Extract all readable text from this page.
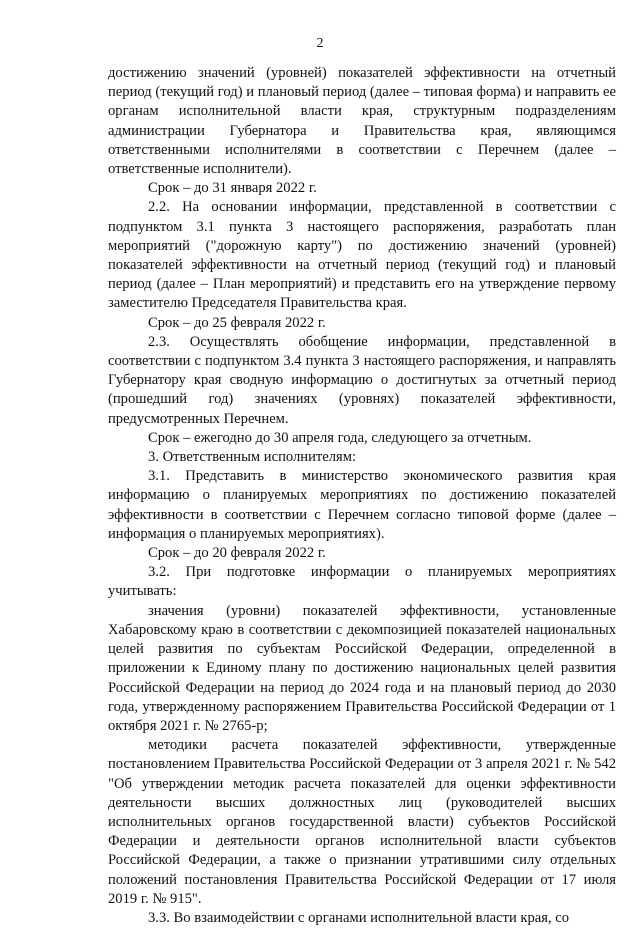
2

достижению значений (уровней) показателей эффективности на отчетный период (текущий год) и плановый период (далее – типовая форма) и направить ее органам исполнительной власти края, структурным подразделениям администрации Губернатора и Правительства края, являющимся ответственными исполнителями в соответствии с Перечнем (далее – ответственные исполнители).

Срок – до 31 января 2022 г.

2.2. На основании информации, представленной в соответствии с подпунктом 3.1 пункта 3 настоящего распоряжения, разработать план мероприятий ("дорожную карту") по достижению значений (уровней) показателей эффективности на отчетный период (текущий год) и плановый период (далее – План мероприятий) и представить его на утверждение первому заместителю Председателя Правительства края.

Срок – до 25 февраля 2022 г.

2.3. Осуществлять обобщение информации, представленной в соответствии с подпунктом 3.4 пункта 3 настоящего распоряжения, и направлять Губернатору края сводную информацию о достигнутых за отчетный период (прошедший год) значениях (уровнях) показателей эффективности, предусмотренных Перечнем.

Срок – ежегодно до 30 апреля года, следующего за отчетным.

3. Ответственным исполнителям:

3.1. Представить в министерство экономического развития края информацию о планируемых мероприятиях по достижению показателей эффективности в соответствии с Перечнем согласно типовой форме (далее – информация о планируемых мероприятиях).

Срок – до 20 февраля 2022 г.

3.2. При подготовке информации о планируемых мероприятиях учитывать:

значения (уровни) показателей эффективности, установленные Хабаровскому краю в соответствии с декомпозицией показателей национальных целей развития по субъектам Российской Федерации, определенной в приложении к Единому плану по достижению национальных целей развития Российской Федерации на период до 2024 года и на плановый период до 2030 года, утвержденному распоряжением Правительства Российской Федерации от 1 октября 2021 г. № 2765-р;

методики расчета показателей эффективности, утвержденные постановлением Правительства Российской Федерации от 3 апреля 2021 г. № 542 "Об утверждении методик расчета показателей для оценки эффективности деятельности высших должностных лиц (руководителей высших исполнительных органов государственной власти) субъектов Российской Федерации и деятельности органов исполнительной власти субъектов Российской Федерации, а также о признании утратившими силу отдельных положений постановления Правительства Российской Федерации от 17 июля 2019 г. № 915".

3.3. Во взаимодействии с органами исполнительной власти края, со
